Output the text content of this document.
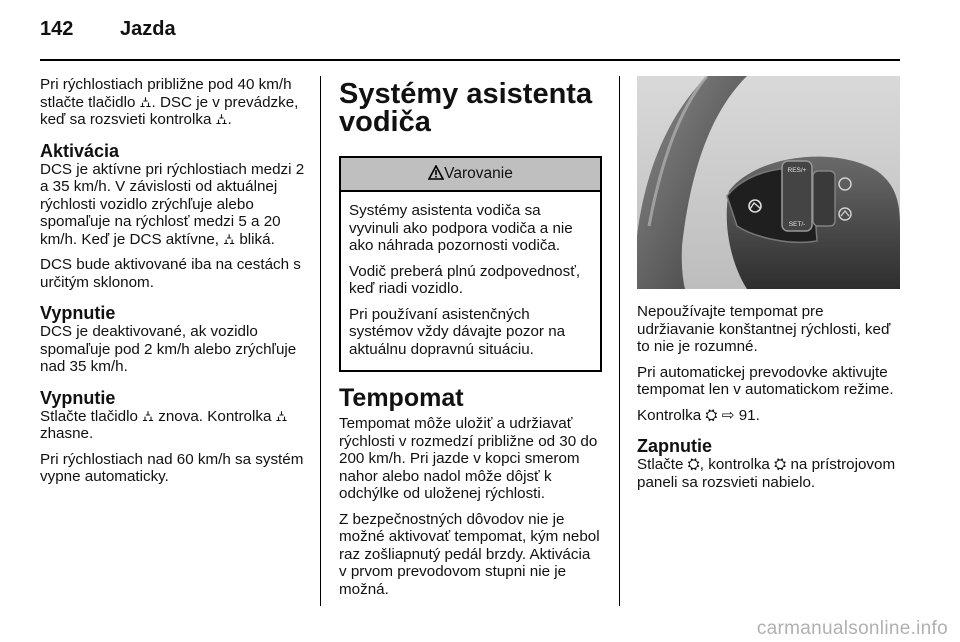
142 Jazda

Pri rýchlostiach približne pod 40 km/h stlačte tlačidlo ⛼. DSC je v prevádzke, keď sa rozsvieti kontrolka ⛼.

Aktivácia

DCS je aktívne pri rýchlostiach medzi 2 a 35 km/h. V závislosti od aktuálnej rýchlosti vozidlo zrýchľuje alebo spomaľuje na rýchlosť medzi 5 a 20 km/h. Keď je DCS aktívne, ⛼ bliká.

DCS bude aktivované iba na cestách s určitým sklonom.

Vypnutie

DCS je deaktivované, ak vozidlo spomaľuje pod 2 km/h alebo zrýchľuje nad 35 km/h.

Vypnutie

Stlačte tlačidlo ⛼ znova. Kontrolka ⛼ zhasne.

Pri rýchlostiach nad 60 km/h sa systém vypne automaticky.

Systémy asistenta
vodiča
Varovanie

Systémy asistenta vodiča sa vyvinuli ako podpora vodiča a nie ako náhrada pozornosti vodiča.

Vodič preberá plnú zodpovednosť, keď riadi vozidlo.

Pri používaní asistenčných systémov vždy dávajte pozor na aktuálnu dopravnú situáciu.

Tempomat

Tempomat môže uložiť a udržiavať rýchlosti v rozmedzí približne od 30 do 200 km/h. Pri jazde v kopci smerom nahor alebo nadol môže dôjsť k odchýlke od uloženej rýchlosti.

Z bezpečnostných dôvodov nie je možné aktivovať tempomat, kým nebol raz zošliapnutý pedál brzdy. Aktivácia v prvom prevodovom stupni nie je možná.

RES/+
SET/-

Nepoužívajte tempomat pre udržiavanie konštantnej rýchlosti, keď to nie je rozumné.

Pri automatickej prevodovke aktivujte tempomat len v automatickom režime.

Kontrolka ⛭ ⇨ 91.

Zapnutie

Stlačte ⛭, kontrolka ⛭ na prístrojovom paneli sa rozsvieti nabielo.

carmanualsonline.info
